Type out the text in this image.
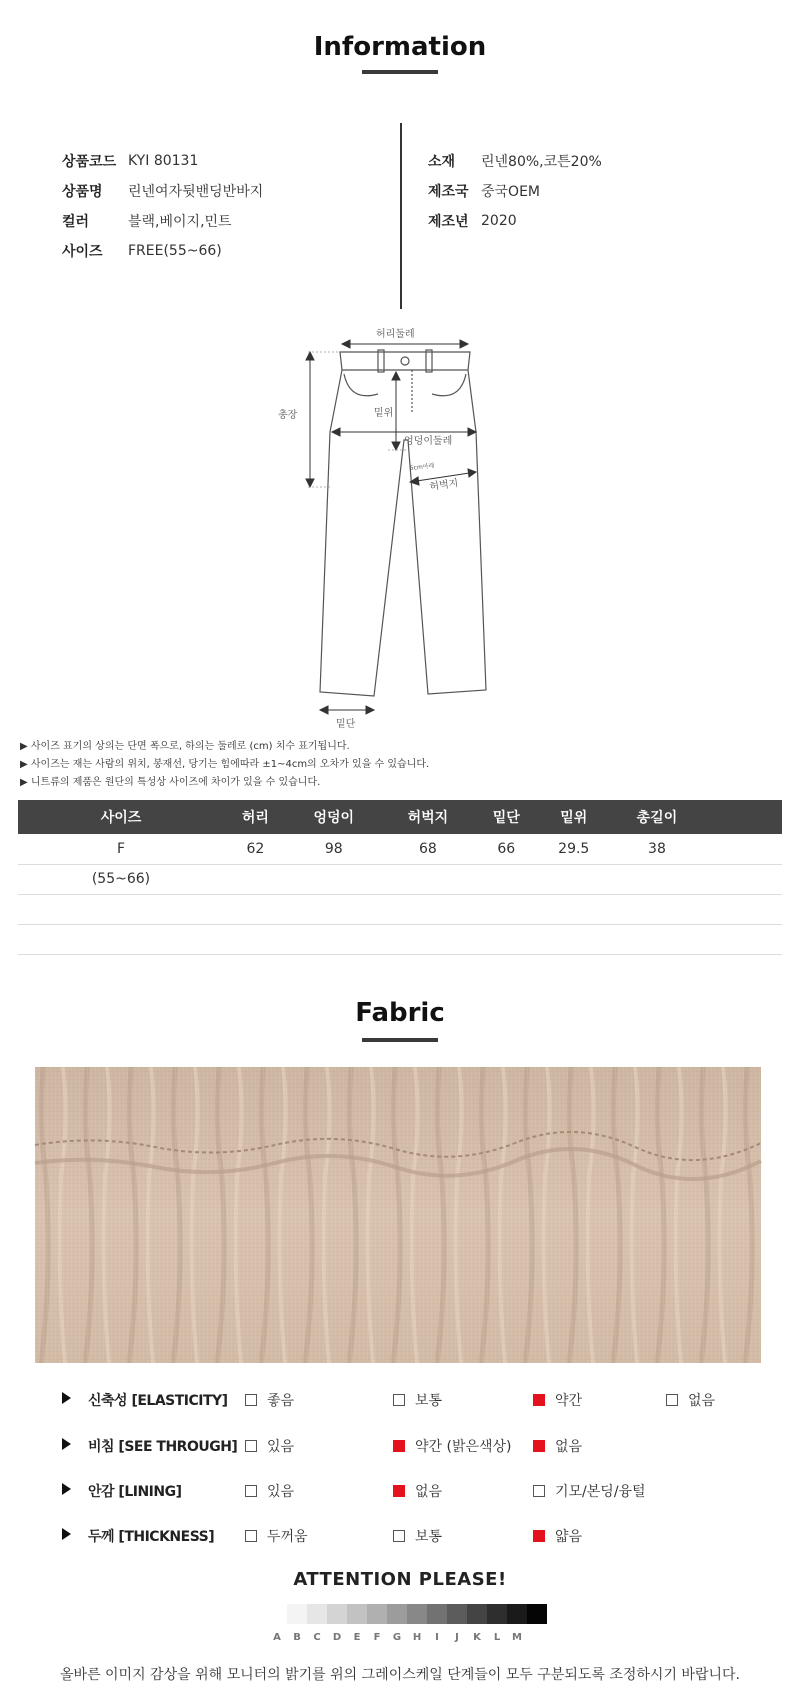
Information
상품코드 KYI 80131
상품명	린넨여자뒷밴딩반바지
컬러	블랙,베이지,민트
사이즈	FREE(55~66)
소재	린넨80%,코튼20%
제조국 중국OEM
제조년 2020
허리둘레
밑위
엉덩이둘레
허벅지
총장
밑단
5cm아래
▶ 사이즈 표기의 상의는 단면 폭으로, 하의는 둘레로 (cm) 치수 표기됩니다.
▶ 사이즈는 재는 사람의 위치, 봉재선, 당기는 힘에따라 ±1~4cm의 오차가 있을 수 있습니다.
▶ 니트류의 제품은 원단의 특성상 사이즈에 차이가 있을 수 있습니다.
사이즈	허리	엉덩이	허벅지	밑단	밑위	총길이	
F	62	98	68	66	29.5	38	
(55~66)							

Fabric
신축성 [ELASTICITY]	좋음	보통	약간	없음
비침 [SEE THROUGH] 있음	약간 (밝은색상)	없음
안감 [LINING]	있음	없음	기모/본딩/융털
두께 [THICKNESS]	두꺼움	보통	얇음
ATTENTION PLEASE!
A	B	C	D	E	F	G	H	I	J	K	L	M
올바른 이미지 감상을 위해 모니터의 밝기를 위의 그레이스케일 단계들이 모두 구분되도록 조정하시기 바랍니다.
